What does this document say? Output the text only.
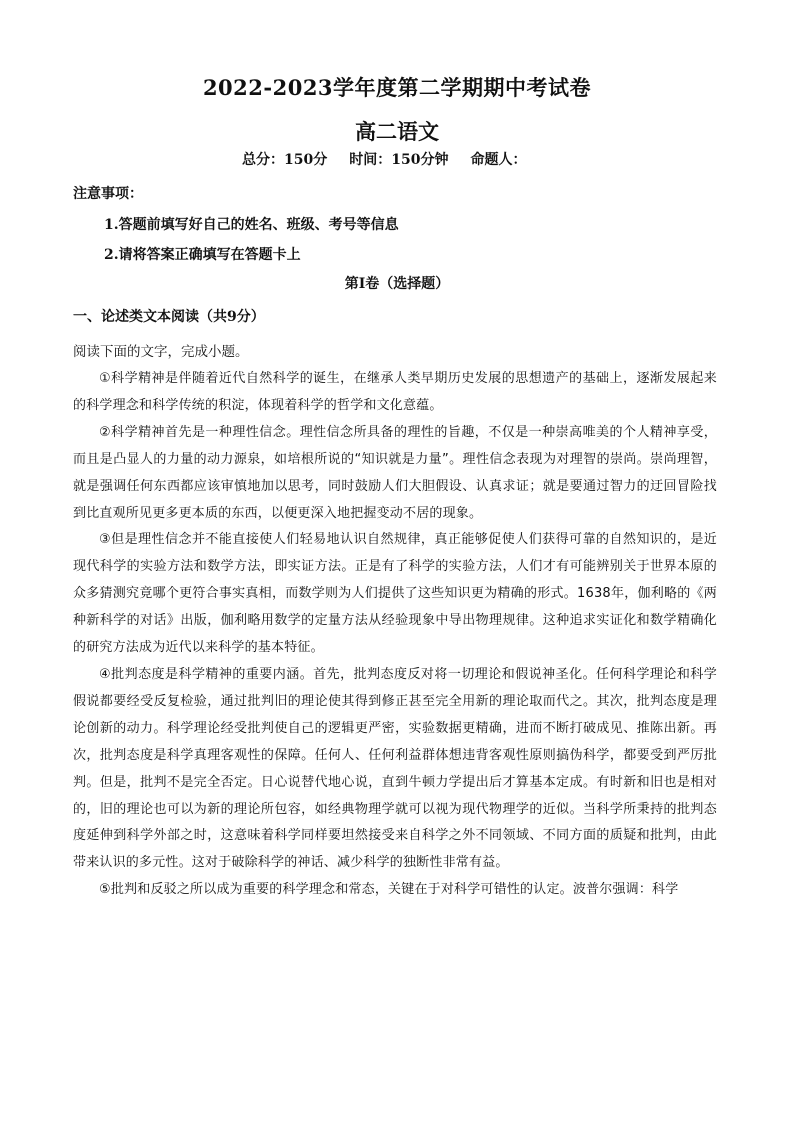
2022-2023学年度第二学期期中考试卷
高二语文
总分：150分 时间：150分钟 命题人：
注意事项：
1.答题前填写好自己的姓名、班级、考号等信息
2.请将答案正确填写在答题卡上
第Ⅰ卷（选择题）
一、论述类文本阅读（共9分）
阅读下面的文字，完成小题。

①科学精神是伴随着近代自然科学的诞生，在继承人类早期历史发展的思想遗产的基础上，逐渐发展起来的科学理念和科学传统的积淀，体现着科学的哲学和文化意蕴。

②科学精神首先是一种理性信念。理性信念所具备的理性的旨趣，不仅是一种崇高唯美的个人精神享受，而且是凸显人的力量的动力源泉，如培根所说的“知识就是力量”。理性信念表现为对理智的崇尚。崇尚理智，就是强调任何东西都应该审慎地加以思考，同时鼓励人们大胆假设、认真求证；就是要通过智力的迂回冒险找到比直观所见更多更本质的东西，以便更深入地把握变动不居的现象。

③但是理性信念并不能直接使人们轻易地认识自然规律，真正能够促使人们获得可靠的自然知识的，是近现代科学的实验方法和数学方法，即实证方法。正是有了科学的实验方法，人们才有可能辨别关于世界本原的众多猜测究竟哪个更符合事实真相，而数学则为人们提供了这些知识更为精确的形式。1638年，伽利略的《两种新科学的对话》出版，伽利略用数学的定量方法从经验现象中导出物理规律。这种追求实证化和数学精确化的研究方法成为近代以来科学的基本特征。

④批判态度是科学精神的重要内涵。首先，批判态度反对将一切理论和假说神圣化。任何科学理论和科学假说都要经受反复检验，通过批判旧的理论使其得到修正甚至完全用新的理论取而代之。其次，批判态度是理论创新的动力。科学理论经受批判使自己的逻辑更严密，实验数据更精确，进而不断打破成见、推陈出新。再次，批判态度是科学真理客观性的保障。任何人、任何利益群体想违背客观性原则搞伪科学，都要受到严厉批判。但是，批判不是完全否定。日心说替代地心说，直到牛顿力学提出后才算基本定成。有时新和旧也是相对的，旧的理论也可以为新的理论所包容，如经典物理学就可以视为现代物理学的近似。当科学所秉持的批判态度延伸到科学外部之时，这意味着科学同样要坦然接受来自科学之外不同领域、不同方面的质疑和批判，由此带来认识的多元性。这对于破除科学的神话、减少科学的独断性非常有益。

⑤批判和反驳之所以成为重要的科学理念和常态，关键在于对科学可错性的认定。波普尔强调：科学
